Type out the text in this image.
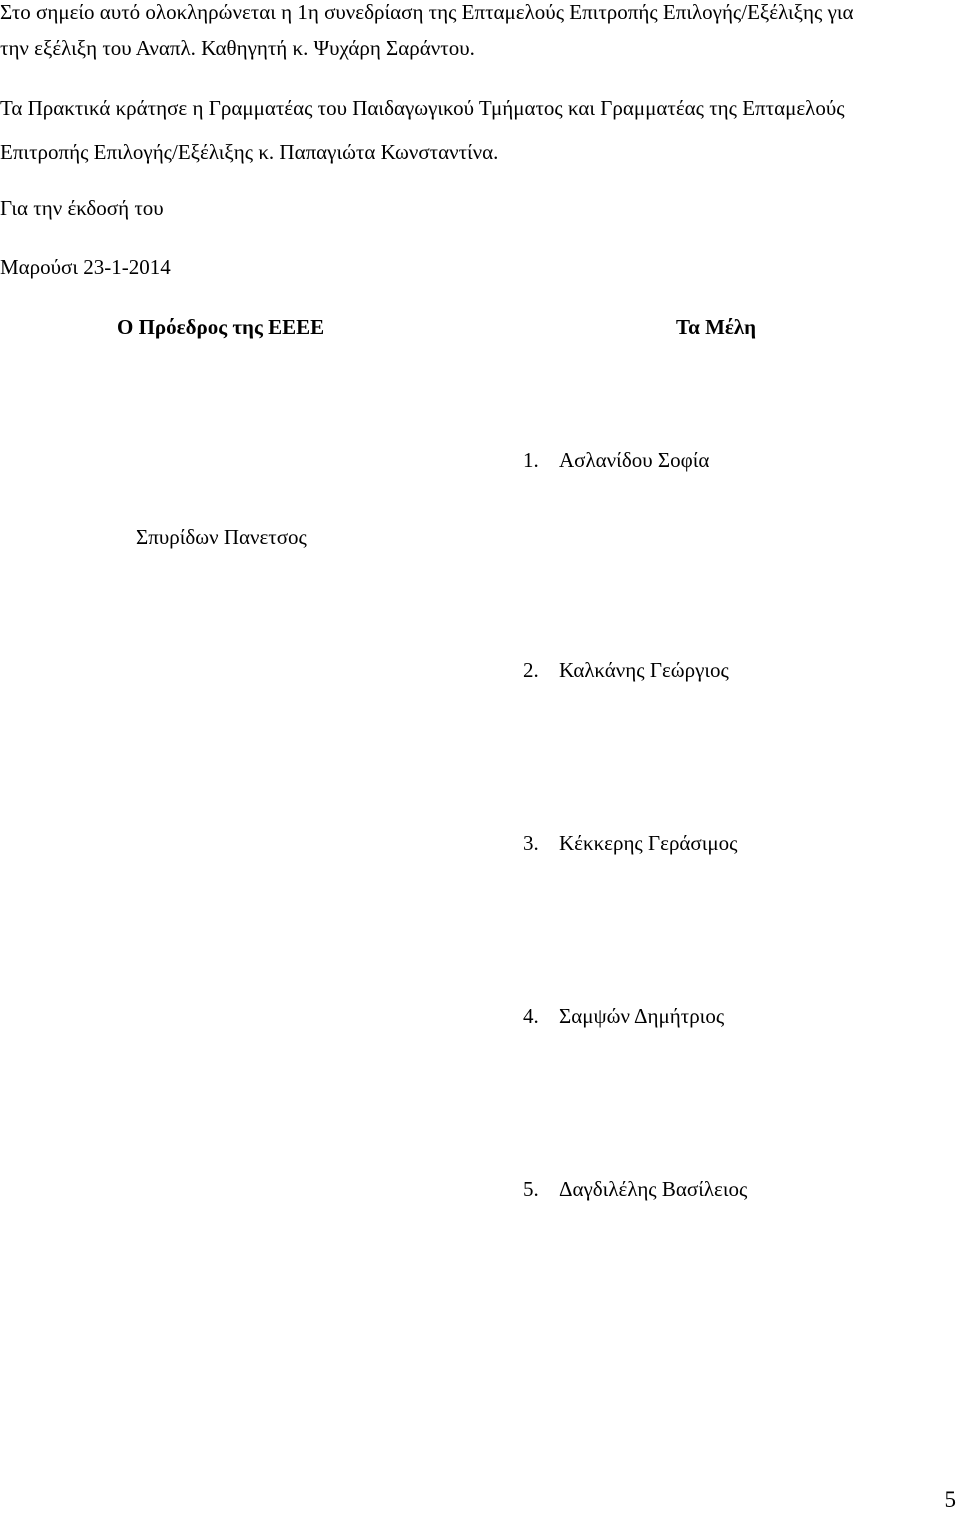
Στο σημείο αυτό ολοκληρώνεται η 1η συνεδρίαση της Επταμελούς Επιτροπής Επιλογής/Εξέλιξης για
την εξέλιξη του Αναπλ. Καθηγητή κ. Ψυχάρη Σαράντου.
Τα Πρακτικά κράτησε η Γραμματέας του Παιδαγωγικού Τμήματος και Γραμματέας της Επταμελούς
Επιτροπής Επιλογής/Εξέλιξης κ. Παπαγιώτα Κωνσταντίνα.
Για την έκδοσή του
Μαρούσι 23-1-2014
Ο Πρόεδρος της ΕΕΕΕ	Τα Μέλη
1. Ασλανίδου Σοφία
Σπυρίδων Πανετσος
2. Καλκάνης Γεώργιος
3. Κέκκερης Γεράσιμος
4. Σαμψών Δημήτριος
5. Δαγδιλέλης Βασίλειος
5
